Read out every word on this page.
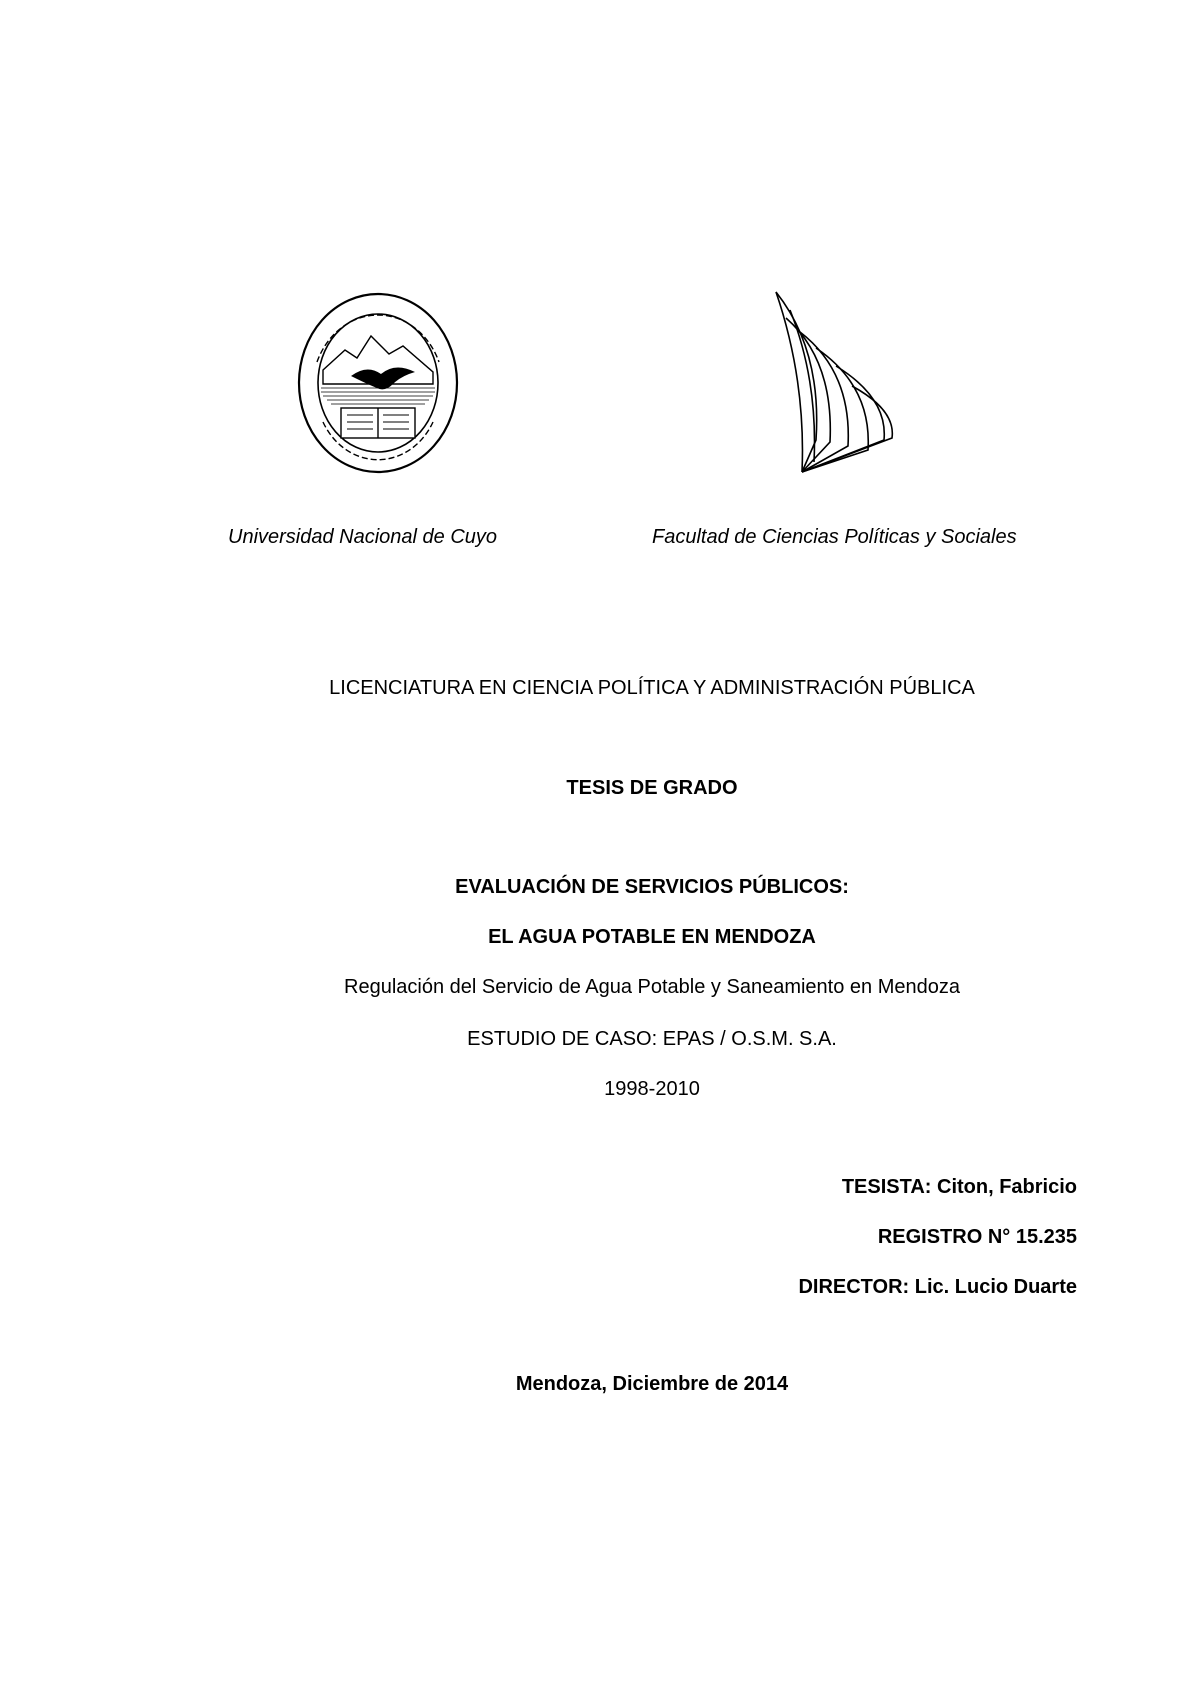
Universidad Nacional de Cuyo	Facultad de Ciencias Políticas y Sociales
LICENCIATURA EN CIENCIA POLÍTICA Y ADMINISTRACIÓN PÚBLICA
TESIS DE GRADO
EVALUACIÓN DE SERVICIOS PÚBLICOS:
EL AGUA POTABLE EN MENDOZA
Regulación del Servicio de Agua Potable y Saneamiento en Mendoza
ESTUDIO DE CASO: EPAS / O.S.M. S.A.
1998-2010
TESISTA: Citon, Fabricio
REGISTRO N° 15.235
DIRECTOR: Lic. Lucio Duarte
Mendoza, Diciembre de 2014
